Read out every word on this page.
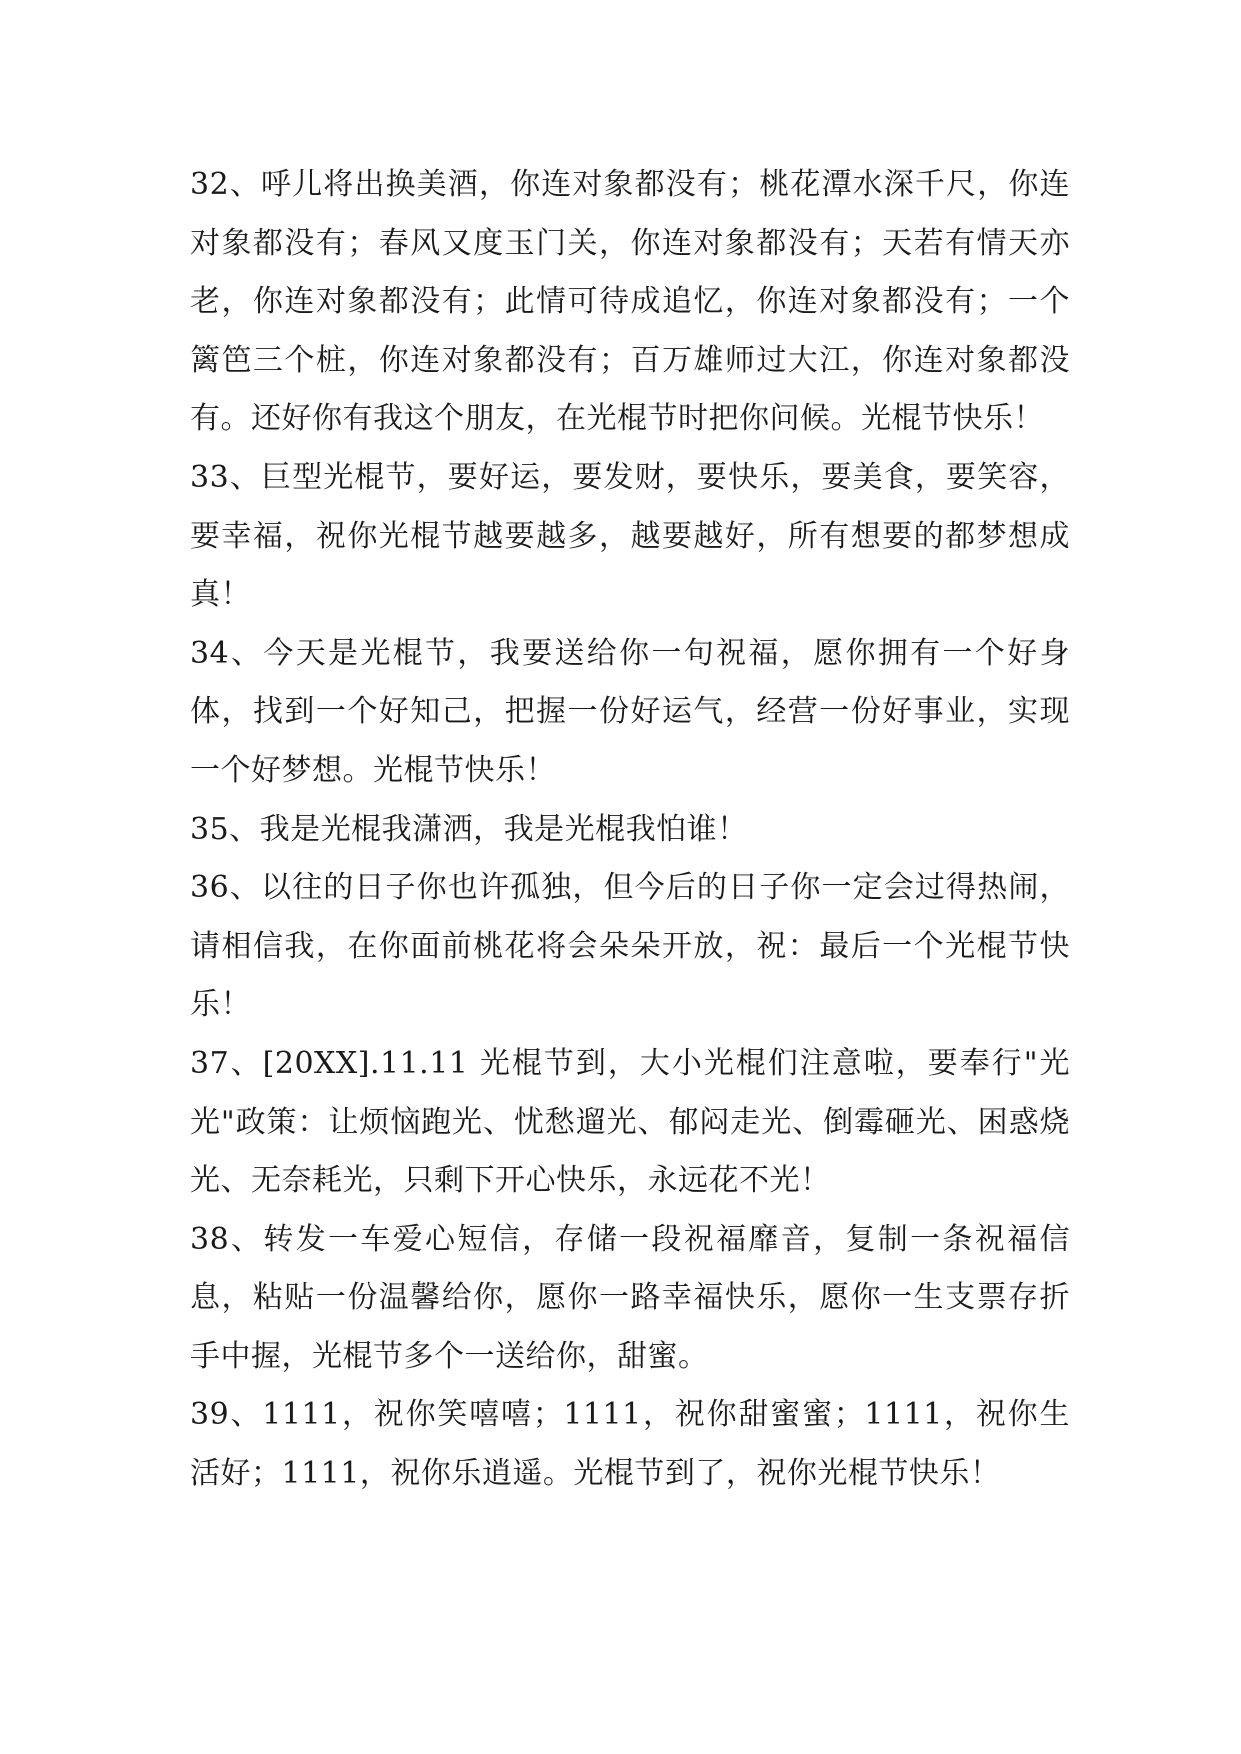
32、呼儿将出换美酒，你连对象都没有；桃花潭水深千尺，你连对象都没有；春风又度玉门关，你连对象都没有；天若有情天亦老，你连对象都没有；此情可待成追忆，你连对象都没有；一个篱笆三个桩，你连对象都没有；百万雄师过大江，你连对象都没有。还好你有我这个朋友，在光棍节时把你问候。光棍节快乐！

33、巨型光棍节，要好运，要发财，要快乐，要美食，要笑容，要幸福，祝你光棍节越要越多，越要越好，所有想要的都梦想成真！

34、今天是光棍节，我要送给你一句祝福，愿你拥有一个好身体，找到一个好知己，把握一份好运气，经营一份好事业，实现一个好梦想。光棍节快乐！

35、我是光棍我潇洒，我是光棍我怕谁！

36、以往的日子你也许孤独，但今后的日子你一定会过得热闹，请相信我，在你面前桃花将会朵朵开放，祝：最后一个光棍节快乐！

37、[20XX].11.11 光棍节到，大小光棍们注意啦，要奉行"光光"政策：让烦恼跑光、忧愁遛光、郁闷走光、倒霉砸光、困惑烧光、无奈耗光，只剩下开心快乐，永远花不光！

38、转发一车爱心短信，存储一段祝福靡音，复制一条祝福信息，粘贴一份温馨给你，愿你一路幸福快乐，愿你一生支票存折手中握，光棍节多个一送给你，甜蜜。

39、1111，祝你笑嘻嘻；1111，祝你甜蜜蜜；1111，祝你生活好；1111，祝你乐逍遥。光棍节到了，祝你光棍节快乐！
